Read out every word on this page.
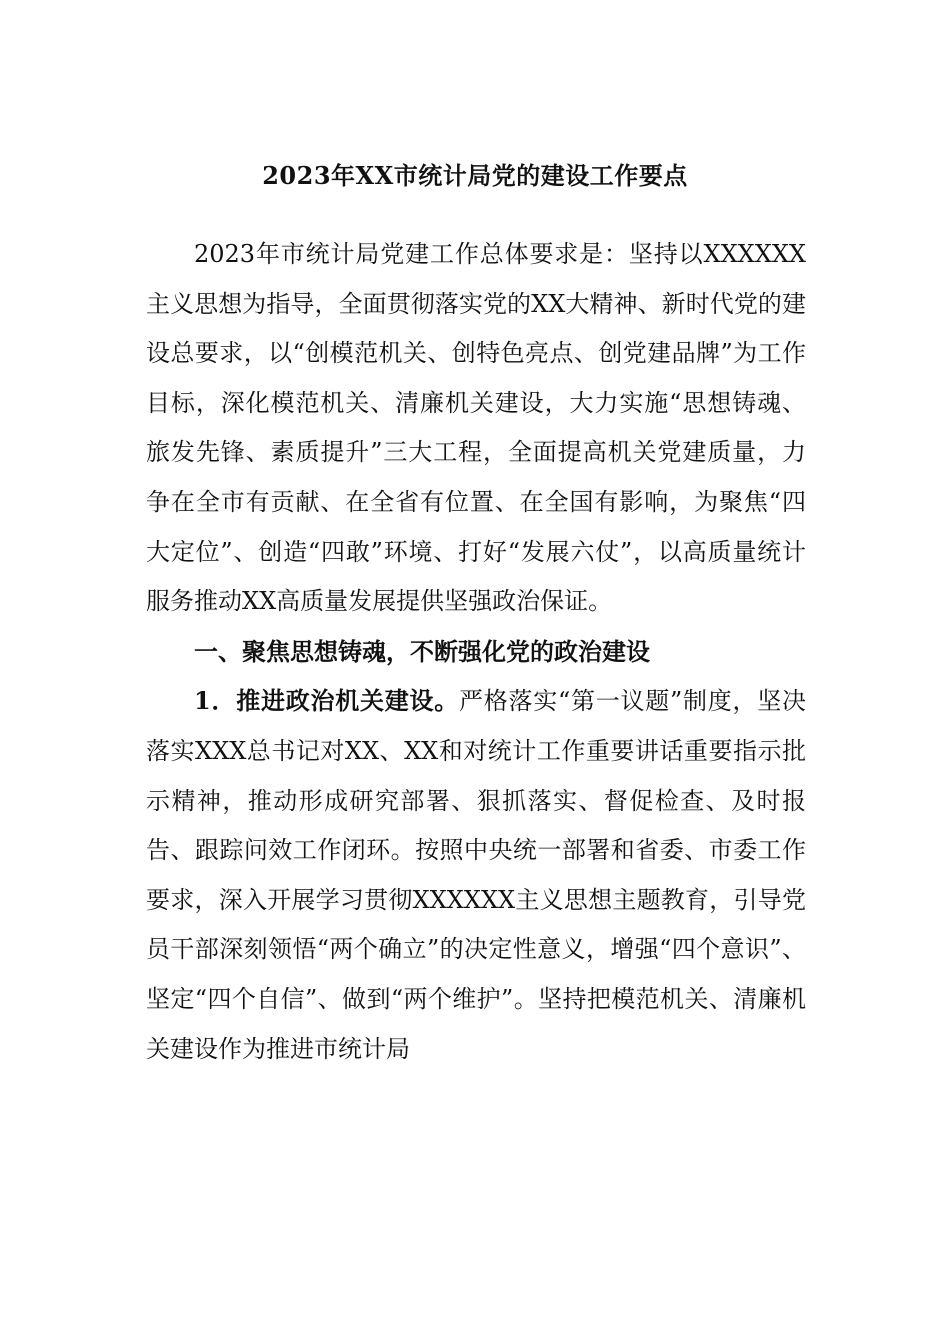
2023年XX市统计局党的建设工作要点

2023年市统计局党建工作总体要求是：坚持以XXXXXX主义思想为指导，全面贯彻落实党的XX大精神、新时代党的建设总要求，以“创模范机关、创特色亮点、创党建品牌”为工作目标，深化模范机关、清廉机关建设，大力实施“思想铸魂、旅发先锋、素质提升”三大工程，全面提高机关党建质量，力争在全市有贡献、在全省有位置、在全国有影响，为聚焦“四大定位”、创造“四敢”环境、打好“发展六仗”，以高质量统计服务推动XX高质量发展提供坚强政治保证。

一、聚焦思想铸魂，不断强化党的政治建设

1．推进政治机关建设。严格落实“第一议题”制度，坚决落实XXX总书记对XX、XX和对统计工作重要讲话重要指示批示精神，推动形成研究部署、狠抓落实、督促检查、及时报告、跟踪问效工作闭环。按照中央统一部署和省委、市委工作要求，深入开展学习贯彻XXXXXX主义思想主题教育，引导党员干部深刻领悟“两个确立”的决定性意义，增强“四个意识”、坚定“四个自信”、做到“两个维护”。坚持把模范机关、清廉机关建设作为推进市统计局
